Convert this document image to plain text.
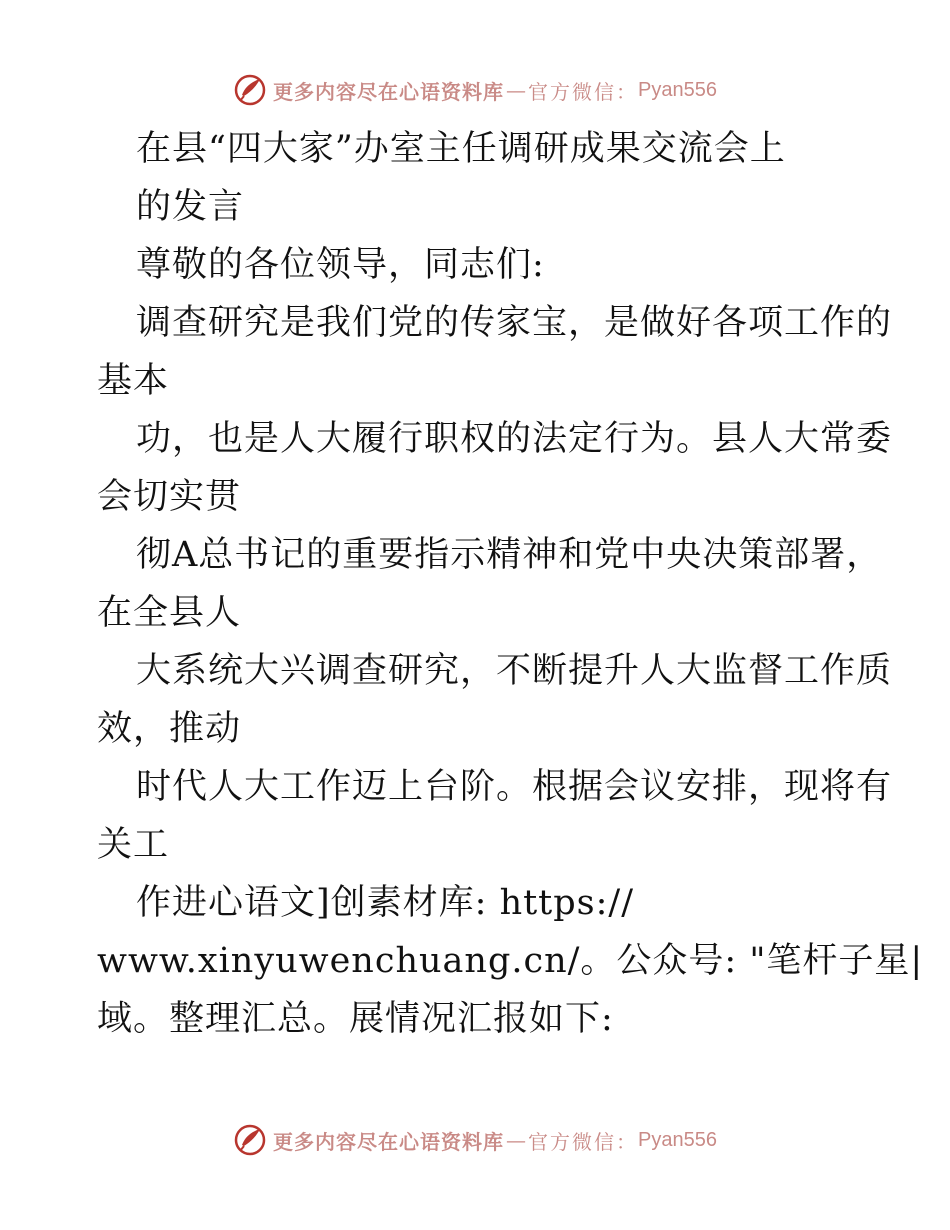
更多内容尽在心语资料库 — 官方微信： Pyan556
在县“四大家”办室主任调研成果交流会上
的发言
尊敬的各位领导，同志们:
调查研究是我们党的传家宝，是做好各项工作的
基本
功，也是人大履行职权的法定行为。县人大常委
会切实贯
彻A总书记的重要指示精神和党中央决策部署，
在全县人
大系统大兴调查研究，不断提升人大监督工作质
效，推动
时代人大工作迈上台阶。根据会议安排，现将有
关工
作进心语文]创素材库: https://
www.xinyuwenchuang.cn/。公众号: "笔杆子星|
域。整理汇总。展情况汇报如下:
更多内容尽在心语资料库 — 官方微信： Pyan556
